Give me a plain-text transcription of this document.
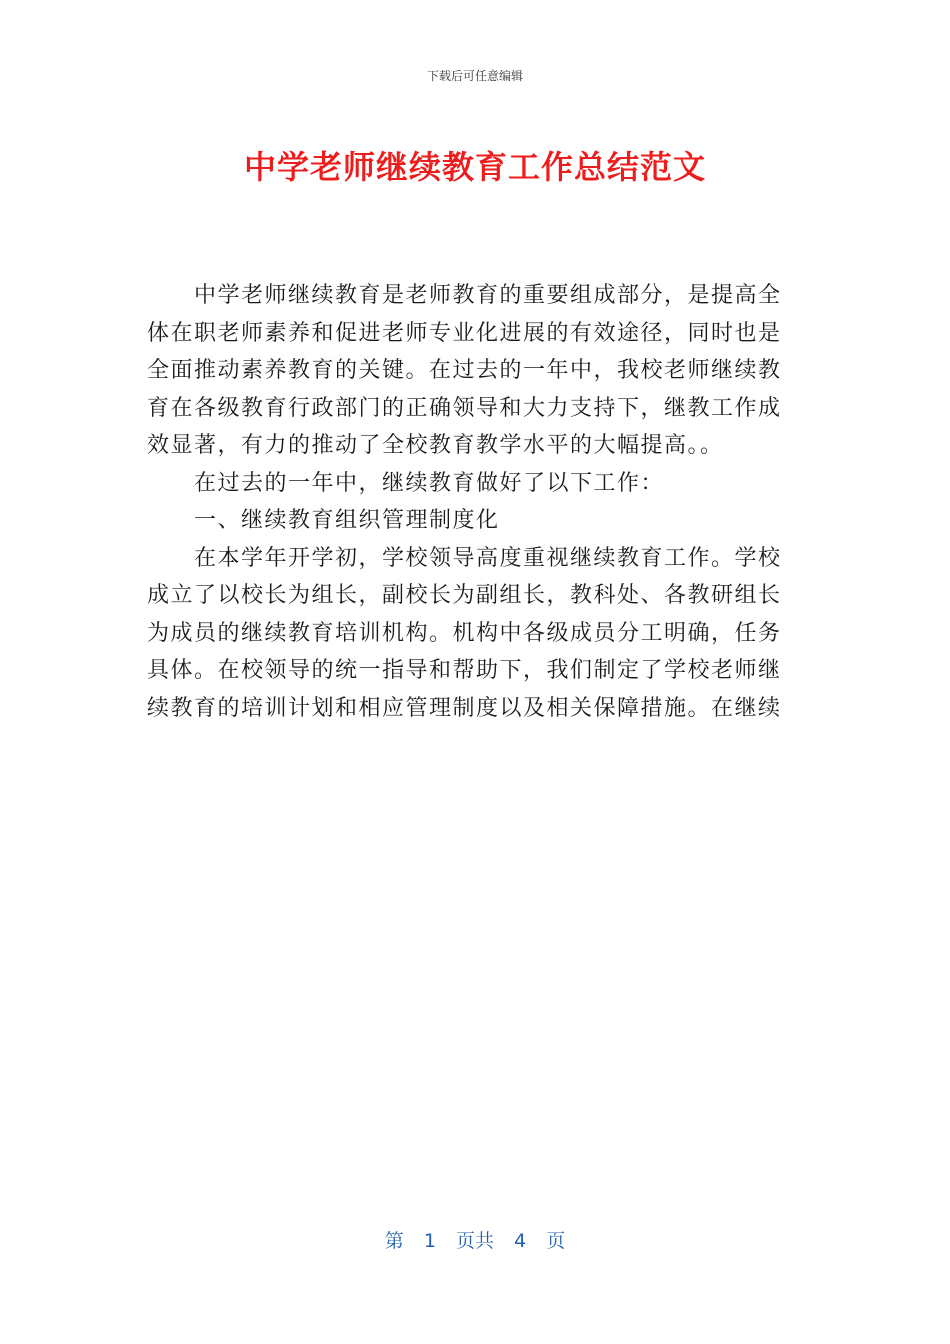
下载后可任意编辑
中学老师继续教育工作总结范文
中学老师继续教育是老师教育的重要组成部分，是提高全
体在职老师素养和促进老师专业化进展的有效途径，同时也是
全面推动素养教育的关键。在过去的一年中，我校老师继续教
育在各级教育行政部门的正确领导和大力支持下，继教工作成
效显著，有力的推动了全校教育教学水平的大幅提高。。
在过去的一年中，继续教育做好了以下工作：
一、继续教育组织管理制度化
在本学年开学初，学校领导高度重视继续教育工作。学校
成立了以校长为组长，副校长为副组长，教科处、各教研组长
为成员的继续教育培训机构。机构中各级成员分工明确，任务
具体。在校领导的统一指导和帮助下，我们制定了学校老师继
续教育的培训计划和相应管理制度以及相关保障措施。在继续
第 1 页共 4 页
